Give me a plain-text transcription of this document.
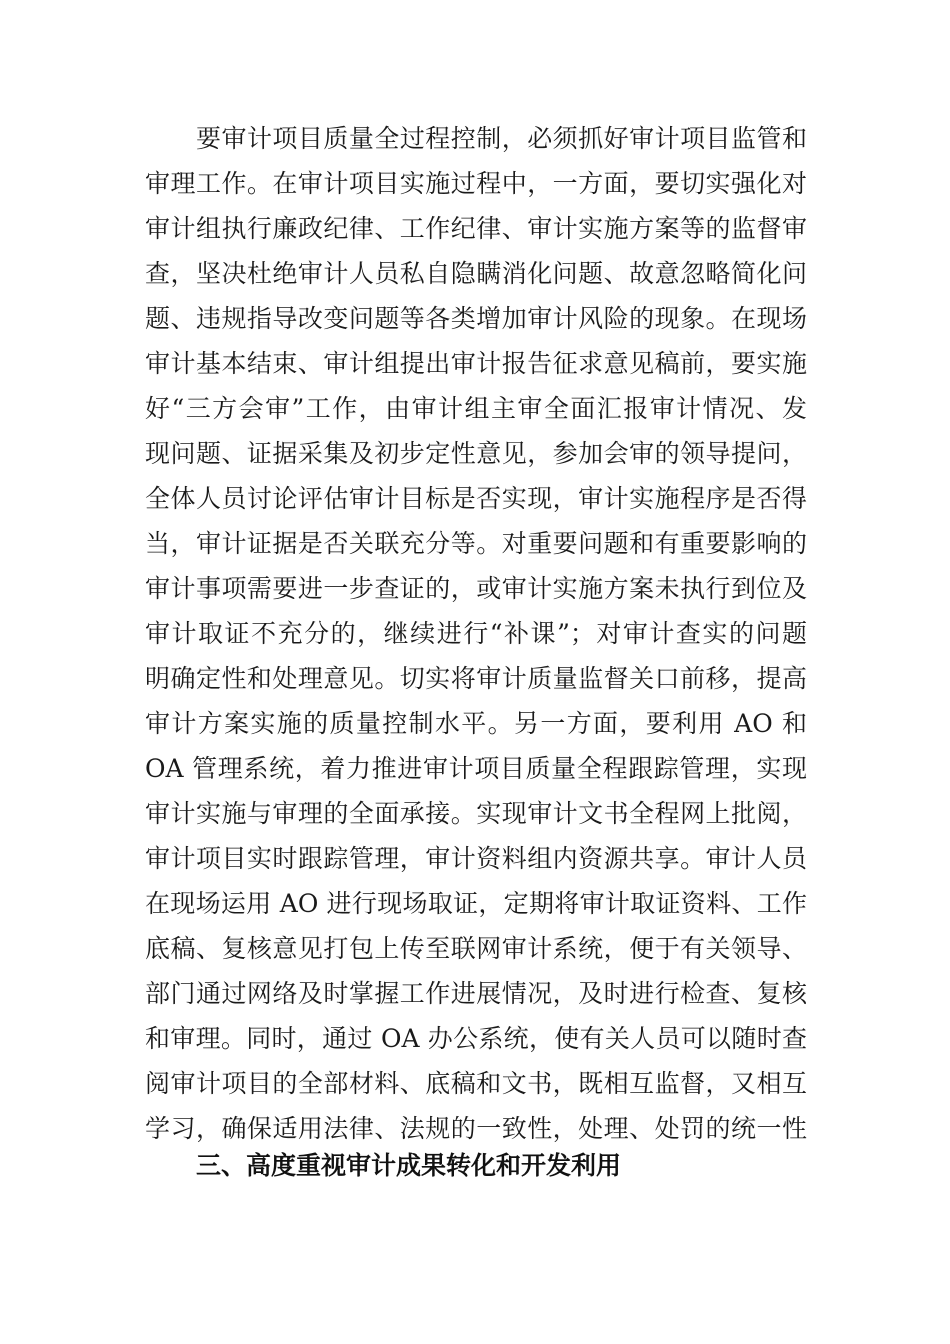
要审计项目质量全过程控制，必须抓好审计项目监管和
审理工作。在审计项目实施过程中，一方面，要切实强化对
审计组执行廉政纪律、工作纪律、审计实施方案等的监督审
查，坚决杜绝审计人员私自隐瞒消化问题、故意忽略简化问
题、违规指导改变问题等各类增加审计风险的现象。在现场
审计基本结束、审计组提出审计报告征求意见稿前，要实施
好“三方会审”工作，由审计组主审全面汇报审计情况、发
现问题、证据采集及初步定性意见，参加会审的领导提问，
全体人员讨论评估审计目标是否实现，审计实施程序是否得
当，审计证据是否关联充分等。对重要问题和有重要影响的
审计事项需要进一步查证的，或审计实施方案未执行到位及
审计取证不充分的，继续进行“补课”；对审计查实的问题
明确定性和处理意见。切实将审计质量监督关口前移，提高
审计方案实施的质量控制水平。另一方面，要利用 AO 和
OA 管理系统，着力推进审计项目质量全程跟踪管理，实现
审计实施与审理的全面承接。实现审计文书全程网上批阅，
审计项目实时跟踪管理，审计资料组内资源共享。审计人员
在现场运用 AO 进行现场取证，定期将审计取证资料、工作
底稿、复核意见打包上传至联网审计系统，便于有关领导、
部门通过网络及时掌握工作进展情况，及时进行检查、复核
和审理。同时，通过 OA 办公系统，使有关人员可以随时查
阅审计项目的全部材料、底稿和文书，既相互监督，又相互
学习，确保适用法律、法规的一致性，处理、处罚的统一性
三、高度重视审计成果转化和开发利用
